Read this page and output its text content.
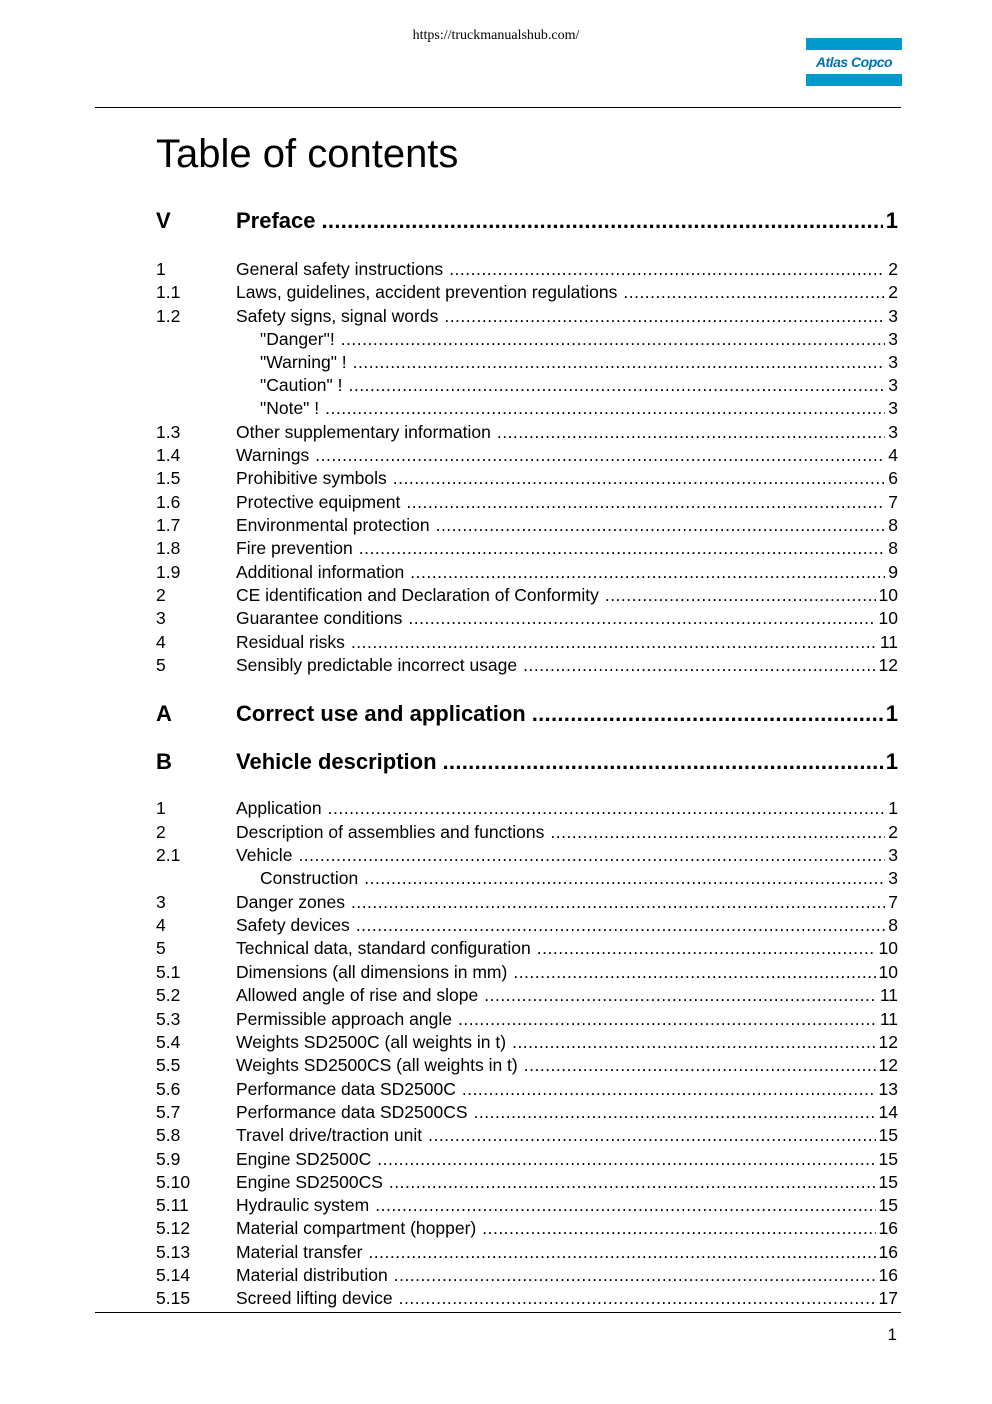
https://truckmanualshub.com/
Atlas Copco
Table of contents
V	Preface .....	1
1	General safety instructions .....	2
1.1	Laws, guidelines, accident prevention regulations .....	2
1.2	Safety signs, signal words .....	3
"Danger"! .....	3
"Warning" ! .....	3
"Caution" ! .....	3
"Note" ! .....	3
1.3	Other supplementary information .....	3
1.4	Warnings .....	4
1.5	Prohibitive symbols .....	6
1.6	Protective equipment .....	7
1.7	Environmental protection .....	8
1.8	Fire prevention .....	8
1.9	Additional information .....	9
2	CE identification and Declaration of Conformity .....	10
3	Guarantee conditions .....	10
4	Residual risks .....	11
5	Sensibly predictable incorrect usage .....	12
A	Correct use and application .....	1
B	Vehicle description .....	1
1	Application .....	1
2	Description of assemblies and functions .....	2
2.1	Vehicle .....	3
Construction .....	3
3	Danger zones .....	7
4	Safety devices .....	8
5	Technical data, standard configuration .....	10
5.1	Dimensions (all dimensions in mm) .....	10
5.2	Allowed angle of rise and slope .....	11
5.3	Permissible approach angle .....	11
5.4	Weights SD2500C (all weights in t) .....	12
5.5	Weights SD2500CS (all weights in t) .....	12
5.6	Performance data SD2500C .....	13
5.7	Performance data SD2500CS .....	14
5.8	Travel drive/traction unit .....	15
5.9	Engine SD2500C .....	15
5.10	Engine SD2500CS .....	15
5.11	Hydraulic system .....	15
5.12	Material compartment (hopper) .....	16
5.13	Material transfer .....	16
5.14	Material distribution .....	16
5.15	Screed lifting device .....	17
1
